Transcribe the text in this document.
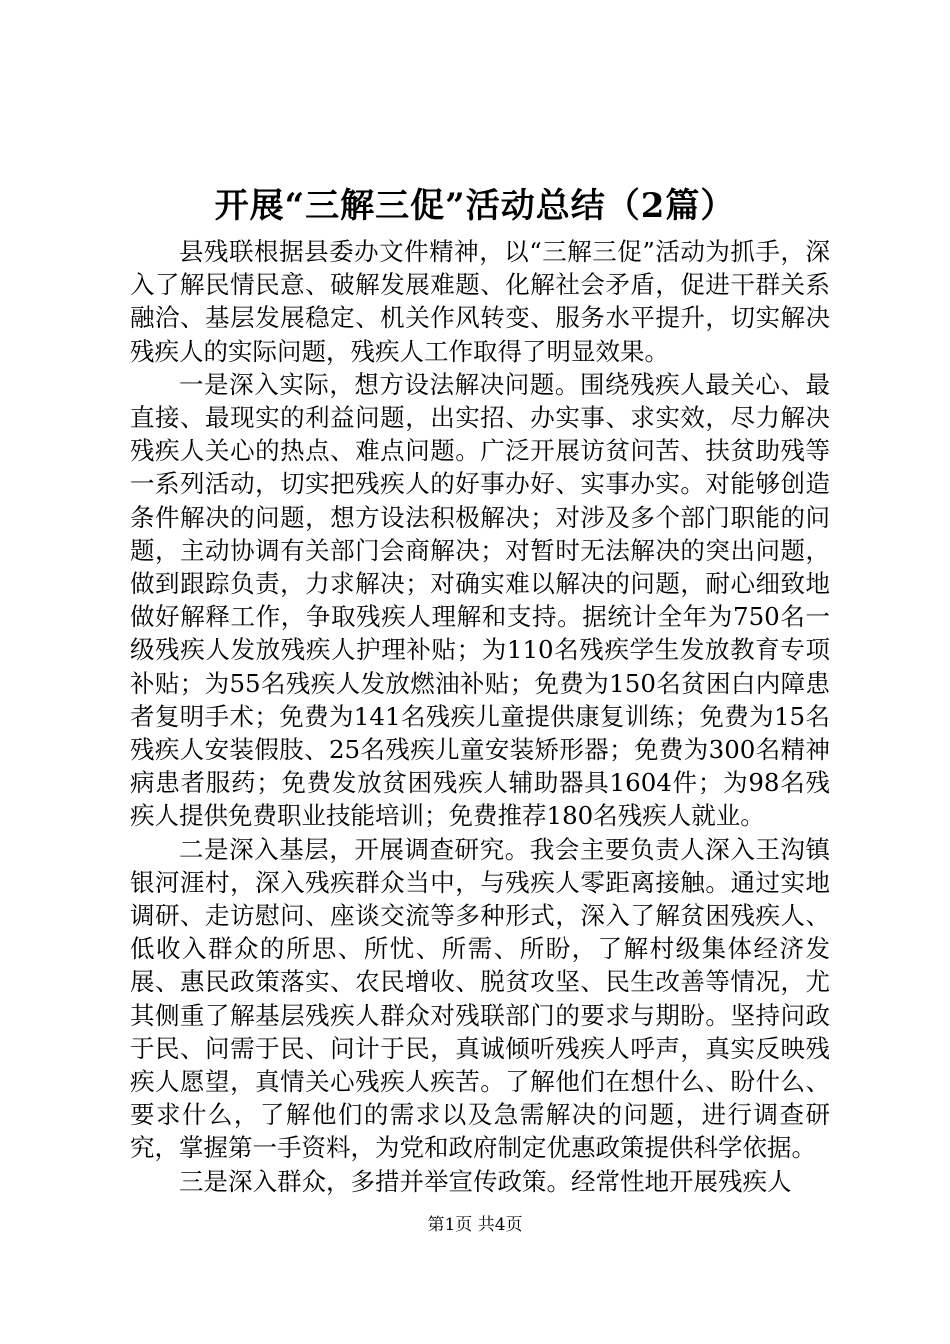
开展“三解三促”活动总结（2篇）

县残联根据县委办文件精神，以“三解三促”活动为抓手，深入了解民情民意、破解发展难题、化解社会矛盾，促进干群关系融洽、基层发展稳定、机关作风转变、服务水平提升，切实解决残疾人的实际问题，残疾人工作取得了明显效果。

一是深入实际，想方设法解决问题。围绕残疾人最关心、最直接、最现实的利益问题，出实招、办实事、求实效，尽力解决残疾人关心的热点、难点问题。广泛开展访贫问苦、扶贫助残等一系列活动，切实把残疾人的好事办好、实事办实。对能够创造条件解决的问题，想方设法积极解决；对涉及多个部门职能的问题，主动协调有关部门会商解决；对暂时无法解决的突出问题，做到跟踪负责，力求解决；对确实难以解决的问题，耐心细致地做好解释工作，争取残疾人理解和支持。据统计全年为750名一级残疾人发放残疾人护理补贴；为110名残疾学生发放教育专项补贴；为55名残疾人发放燃油补贴；免费为150名贫困白内障患者复明手术；免费为141名残疾儿童提供康复训练；免费为15名残疾人安装假肢、25名残疾儿童安装矫形器；免费为300名精神病患者服药；免费发放贫困残疾人辅助器具1604件；为98名残疾人提供免费职业技能培训；免费推荐180名残疾人就业。

二是深入基层，开展调查研究。我会主要负责人深入王沟镇银河涯村，深入残疾群众当中，与残疾人零距离接触。通过实地调研、走访慰问、座谈交流等多种形式，深入了解贫困残疾人、低收入群众的所思、所忧、所需、所盼，了解村级集体经济发展、惠民政策落实、农民增收、脱贫攻坚、民生改善等情况，尤其侧重了解基层残疾人群众对残联部门的要求与期盼。坚持问政于民、问需于民、问计于民，真诚倾听残疾人呼声，真实反映残疾人愿望，真情关心残疾人疾苦。了解他们在想什么、盼什么、要求什么，了解他们的需求以及急需解决的问题，进行调查研究，掌握第一手资料，为党和政府制定优惠政策提供科学依据。

三是深入群众，多措并举宣传政策。经常性地开展残疾人

第1页 共4页
